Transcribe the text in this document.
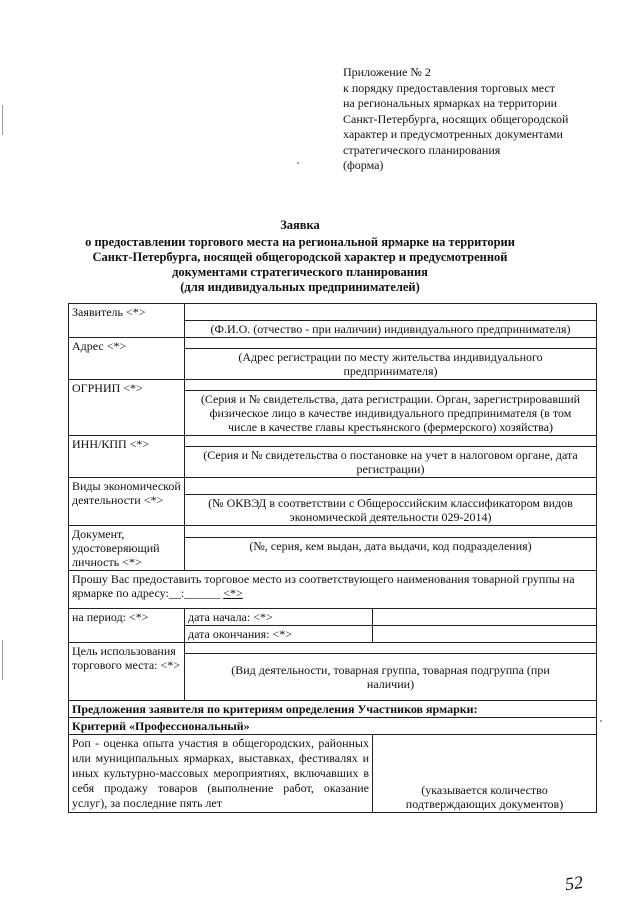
Приложение № 2
к порядку предоставления торговых мест
на региональных ярмарках на территории
Санкт-Петербурга, носящих общегородской
характер и предусмотренных документами
стратегического планирования
(форма)
Заявка
о предоставлении торгового места на региональной ярмарке на территории
Санкт-Петербурга, носящей общегородской характер и предусмотренной
документами стратегического планирования
(для индивидуальных предпринимателей)
Заявитель <*>		
	(Ф.И.О. (отчество - при наличии) индивидуального предпринимателя)	
Адрес <*>		
	(Адрес регистрации по месту жительства индивидуального предпринимателя)	
ОГРНИП <*>		
	(Серия и № свидетельства, дата регистрации. Орган, зарегистрировавший физическое лицо в качестве индивидуального предпринимателя (в том числе в качестве главы крестьянского (фермерского) хозяйства)	
ИНН/КПП <*>		
	(Серия и № свидетельства о постановке на учет в налоговом органе, дата регистрации)	
Виды экономической деятельности <*>		
	(№ ОКВЭД в соответствии с Общероссийским классификатором видов экономической деятельности 029-2014)	
Документ, удостоверяющий личность <*>		
	(№, серия, кем выдан, дата выдачи, код подразделения)	
Прошу Вас предоставить торговое место из соответствующего наименования товарной группы на ярмарке по адресу:__:______ <*>		
на период: <*>	дата начала: <*>	
	дата окончания: <*>	
Цель использования торгового места: <*>		
	(Вид деятельности, товарная группа, товарная подгруппа (при наличии)	
Предложения заявителя по критериям определения Участников ярмарки:		
Критерий «Профессиональный»		
Роп - оценка опыта участия в общегородских, районных или муниципальных ярмарках, выставках, фестивалях и иных культурно-массовых мероприятиях, включавших в себя продажу товаров (выполнение работ, оказание услуг), за последние пять лет		(указывается количество подтверждающих документов)
52
